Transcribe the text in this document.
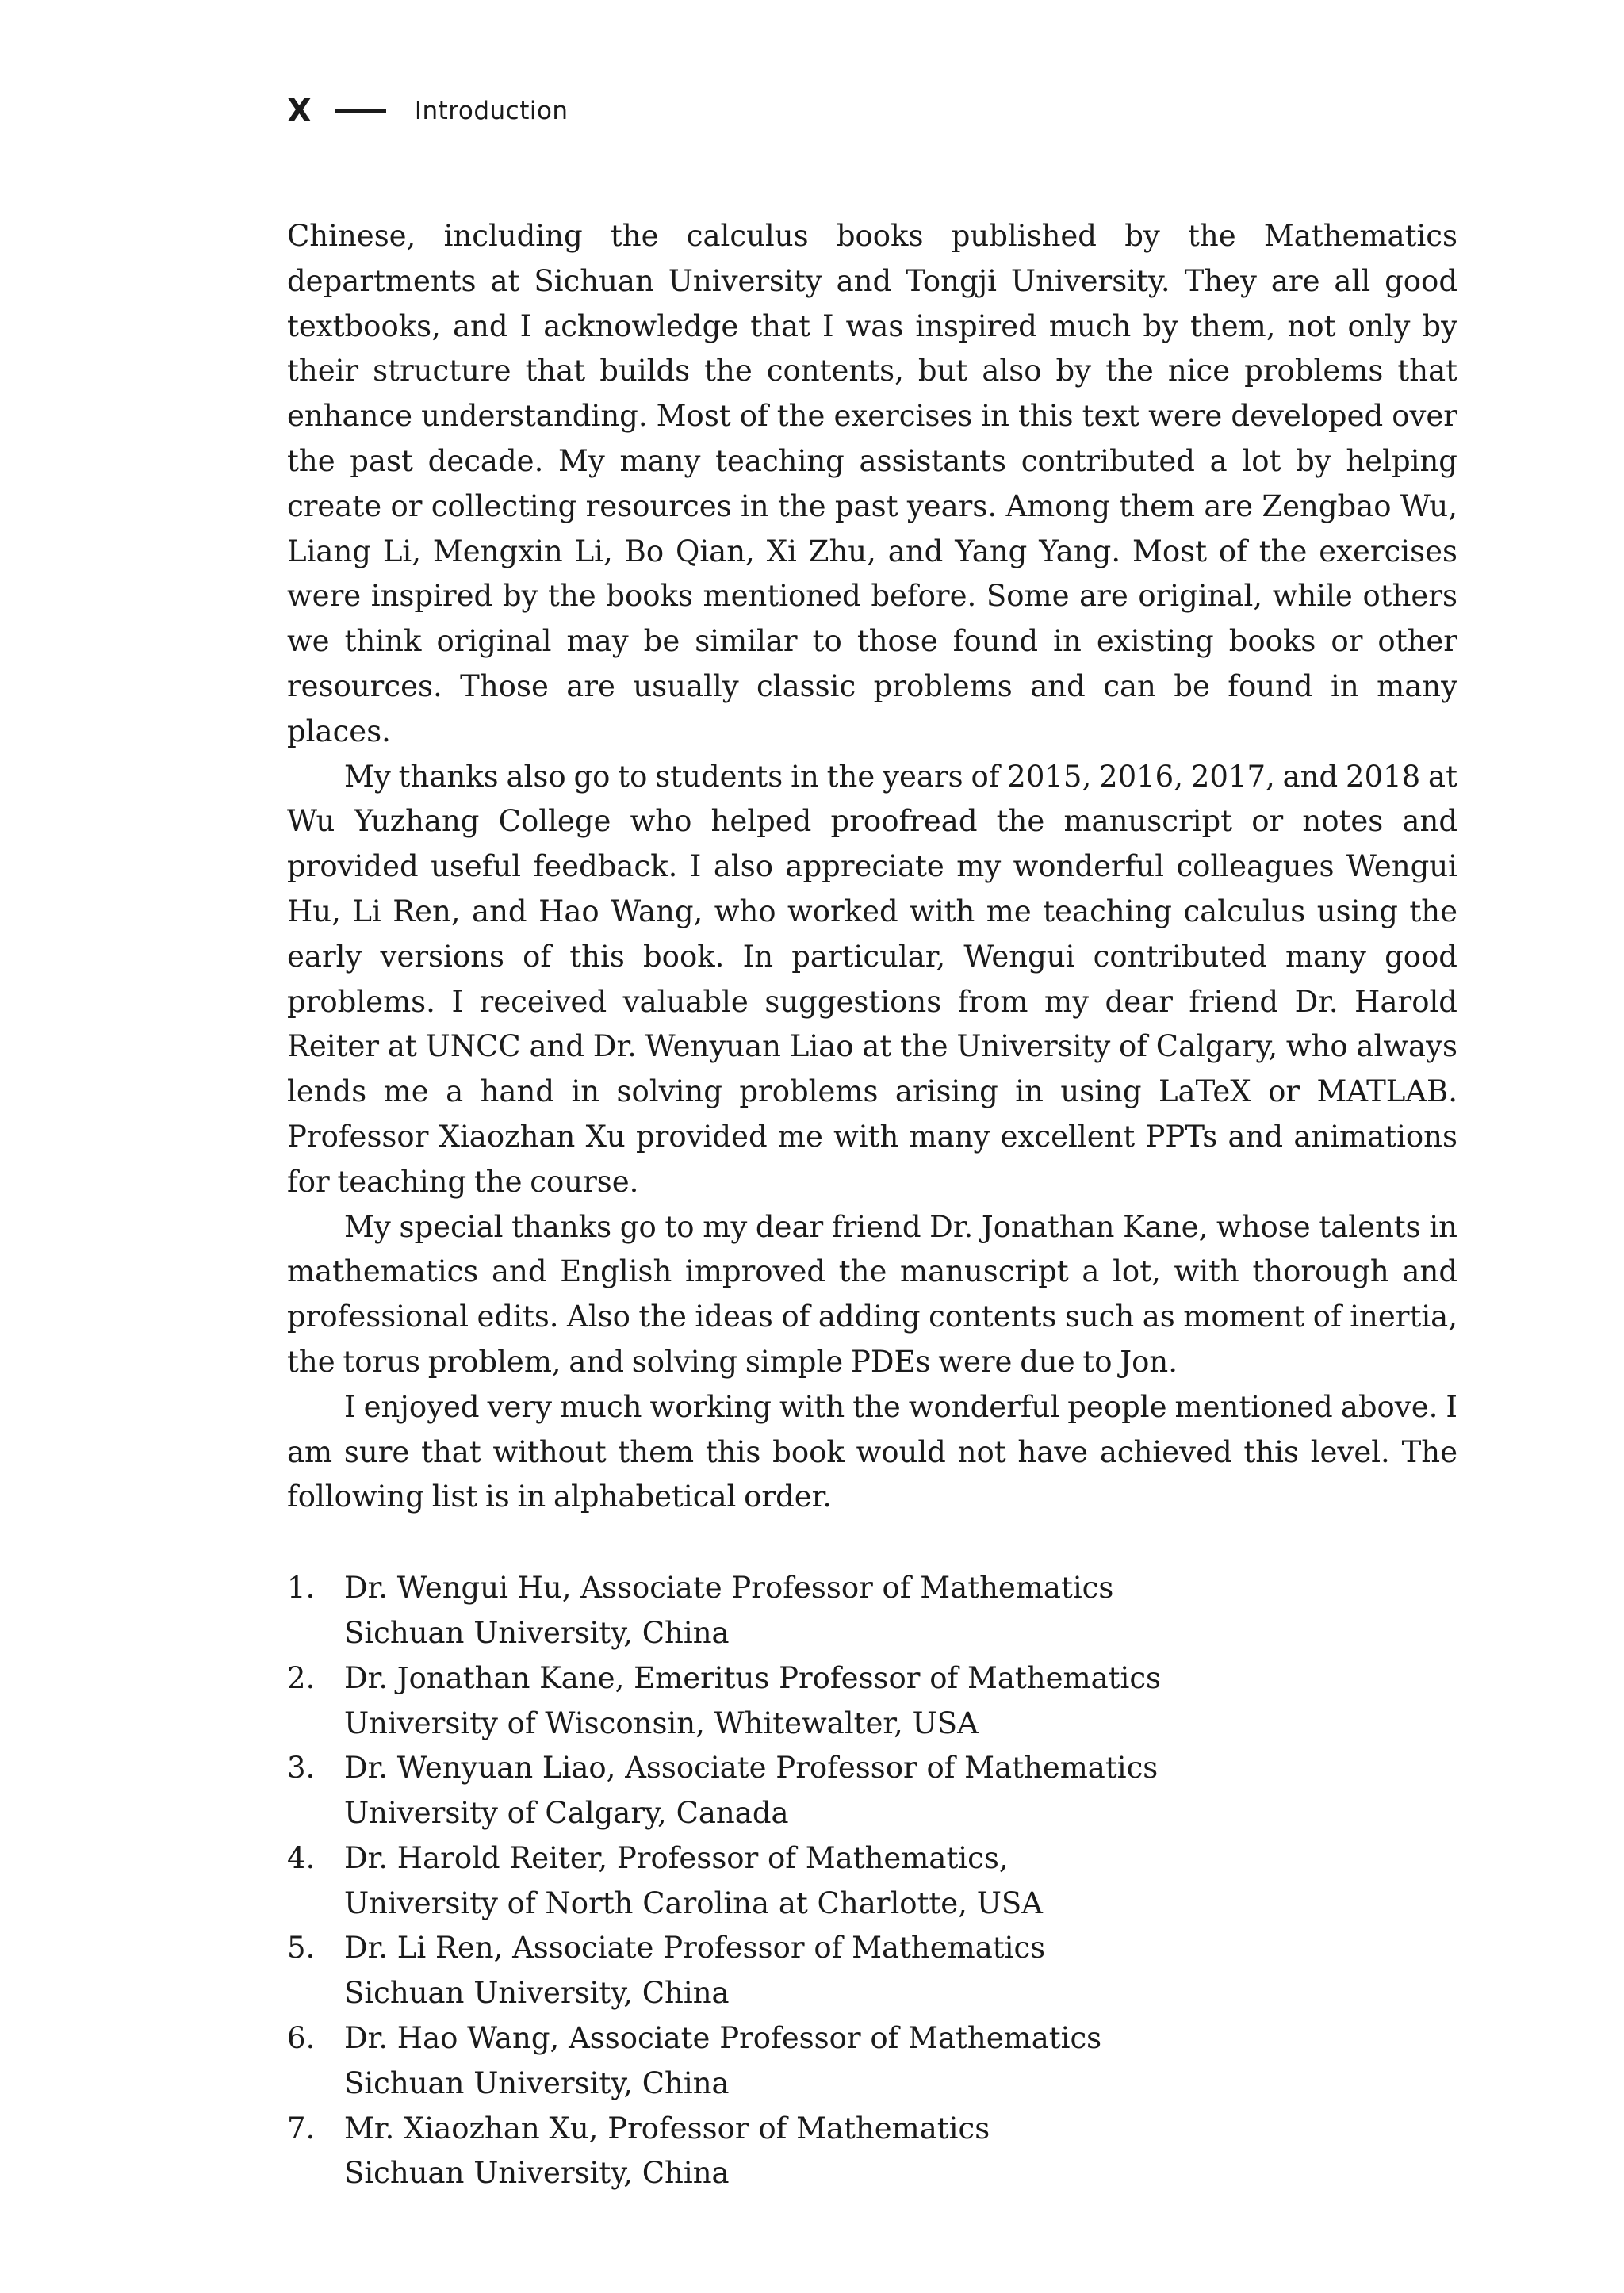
X	Introduction

Chinese, including the calculus books published by the Mathematics departments at Sichuan University and Tongji University. They are all good textbooks, and I acknowledge that I was inspired much by them, not only by their structure that builds the contents, but also by the nice problems that enhance understanding. Most of the exercises in this text were developed over the past decade. My many teaching assistants contributed a lot by helping create or collecting resources in the past years. Among them are Zengbao Wu, Liang Li, Mengxin Li, Bo Qian, Xi Zhu, and Yang Yang. Most of the exercises were inspired by the books mentioned before. Some are original, while others we think original may be similar to those found in existing books or other resources. Those are usually classic problems and can be found in many places.

My thanks also go to students in the years of 2015, 2016, 2017, and 2018 at Wu Yuzhang College who helped proofread the manuscript or notes and provided useful feedback. I also appreciate my wonderful colleagues Wengui Hu, Li Ren, and Hao Wang, who worked with me teaching calculus using the early versions of this book. In particular, Wengui contributed many good problems. I received valuable suggestions from my dear friend Dr. Harold Reiter at UNCC and Dr. Wenyuan Liao at the University of Calgary, who always lends me a hand in solving problems arising in using LaTeX or MATLAB. Professor Xiaozhan Xu provided me with many excellent PPTs and animations for teaching the course.

My special thanks go to my dear friend Dr. Jonathan Kane, whose talents in mathematics and English improved the manuscript a lot, with thorough and professional edits. Also the ideas of adding contents such as moment of inertia, the torus problem, and solving simple PDEs were due to Jon.

I enjoyed very much working with the wonderful people mentioned above. I am sure that without them this book would not have achieved this level. The following list is in alphabetical order.

1. Dr. Wengui Hu, Associate Professor of Mathematics
Sichuan University, China
2. Dr. Jonathan Kane, Emeritus Professor of Mathematics
University of Wisconsin, Whitewalter, USA
3. Dr. Wenyuan Liao, Associate Professor of Mathematics
University of Calgary, Canada
4. Dr. Harold Reiter, Professor of Mathematics,
University of North Carolina at Charlotte, USA
5. Dr. Li Ren, Associate Professor of Mathematics
Sichuan University, China
6. Dr. Hao Wang, Associate Professor of Mathematics
Sichuan University, China
7. Mr. Xiaozhan Xu, Professor of Mathematics
Sichuan University, China
